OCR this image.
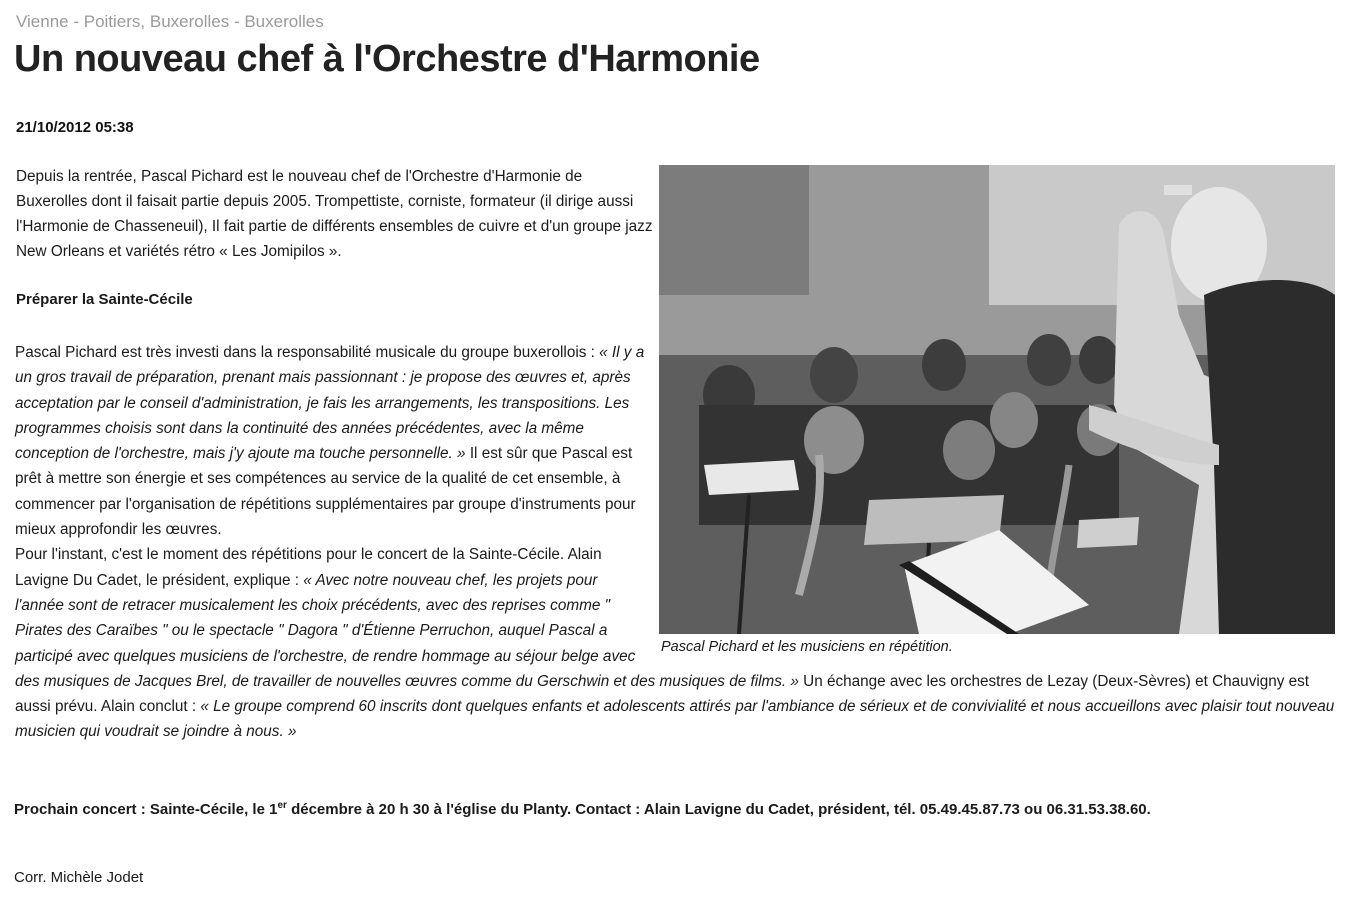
Vienne - Poitiers, Buxerolles - Buxerolles
Un nouveau chef à l'Orchestre d'Harmonie
21/10/2012 05:38

Depuis la rentrée, Pascal Pichard est le nouveau chef de l'Orchestre d'Harmonie de Buxerolles dont il faisait partie depuis 2005. Trompettiste, corniste, formateur (il dirige aussi l'Harmonie de Chasseneuil), Il fait partie de différents ensembles de cuivre et d'un groupe jazz New Orleans et variétés rétro « Les Jomipilos ».

Préparer la Sainte-Cécile
Pascal Pichard et les musiciens en répétition.
Pascal Pichard est très investi dans la responsabilité musicale du groupe buxerollois : « Il y a un gros travail de préparation, prenant mais passionnant : je propose des œuvres et, après acceptation par le conseil d'administration, je fais les arrangements, les transpositions. Les programmes choisis sont dans la continuité des années précédentes, avec la même conception de l'orchestre, mais j'y ajoute ma touche personnelle. » Il est sûr que Pascal est prêt à mettre son énergie et ses compétences au service de la qualité de cet ensemble, à commencer par l'organisation de répétitions supplémentaires par groupe d'instruments pour mieux approfondir les œuvres.
Pour l'instant, c'est le moment des répétitions pour le concert de la Sainte-Cécile. Alain Lavigne Du Cadet, le président, explique : « Avec notre nouveau chef, les projets pour l'année sont de retracer musicalement les choix précédents, avec des reprises comme " Pirates des Caraïbes " ou le spectacle " Dagora " d'Étienne Perruchon, auquel Pascal a participé avec quelques musiciens de l'orchestre, de rendre hommage au séjour belge avec des musiques de Jacques Brel, de travailler de nouvelles œuvres comme du Gerschwin et des musiques de films. » Un échange avec les orchestres de Lezay (Deux-Sèvres) et Chauvigny est aussi prévu. Alain conclut : « Le groupe comprend 60 inscrits dont quelques enfants et adolescents attirés par l'ambiance de sérieux et de convivialité et nous accueillons avec plaisir tout nouveau musicien qui voudrait se joindre à nous. »
Prochain concert : Sainte-Cécile, le 1er décembre à 20 h 30 à l'église du Planty. Contact : Alain Lavigne du Cadet, président, tél. 05.49.45.87.73 ou 06.31.53.38.60.
Corr. Michèle Jodet
